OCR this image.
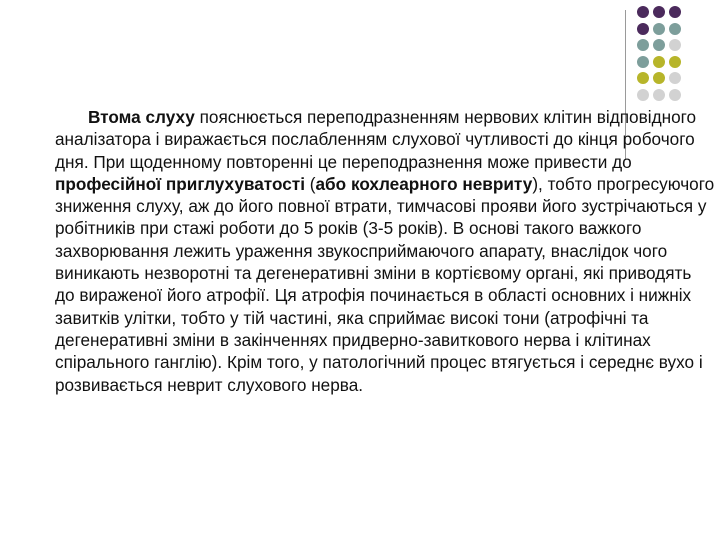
Втома слуху пояснюється переподразненням нервових клітин відповідного аналізатора і виражається послабленням слухової чутливості до кінця робочого дня. При щоденному повторенні це переподразнення може привести до професійної приглухуватості (або кохлеарного невриту), тобто прогресуючого зниження слуху, аж до його повної втрати, тимчасові прояви його зустрічаються у робітників при стажі роботи до 5 років (3-5 років). В основі такого важкого захворювання лежить ураження звукосприймаючого апарату, внаслідок чого виникають незворотні та дегенеративні зміни в кортієвому органі, які приводять до вираженої його атрофії. Ця атрофія починається в області основних і нижніх завитків улітки, тобто у тій частині, яка сприймає високі тони (атрофічні та дегенеративні зміни в закінченнях придверно-завиткового нерва і клітинах спірального ганглію). Крім того, у патологічний процес втягується і середнє вухо і розвивається неврит слухового нерва.
